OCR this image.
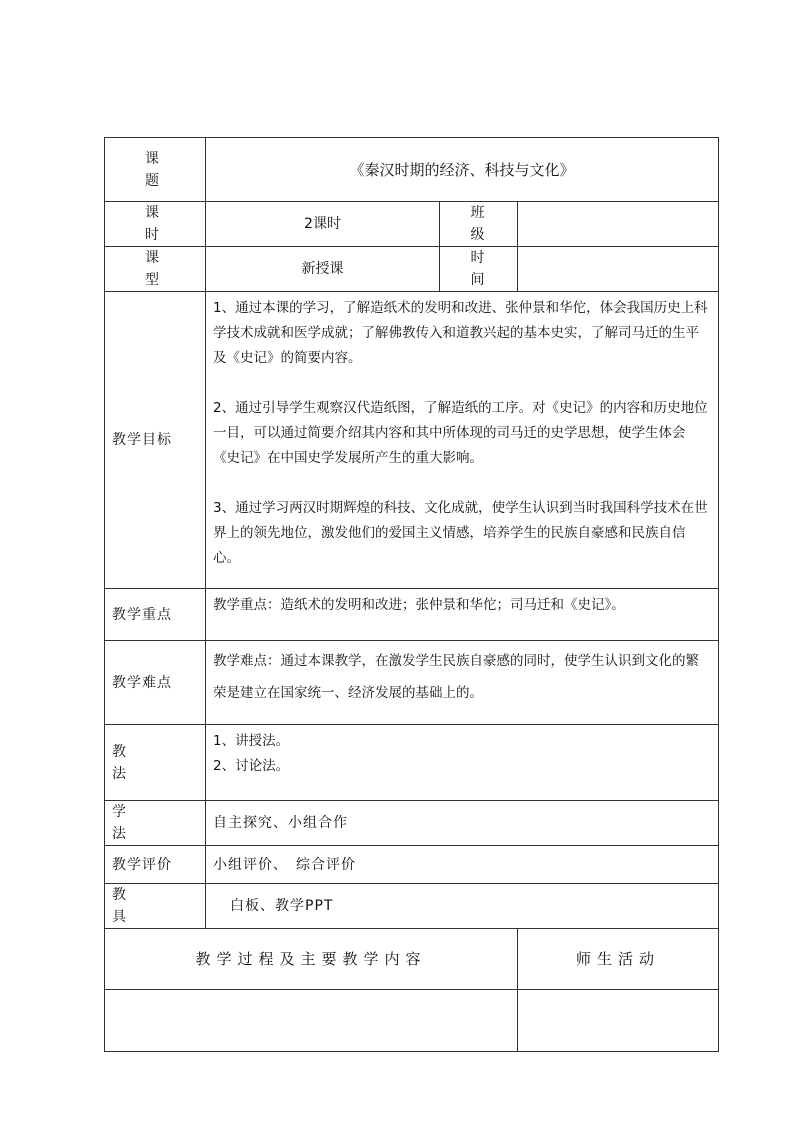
课 题	《秦汉时期的经济、科技与文化》		
课 时	2课时	班 级	
课 型	新授课	时 间	
教学目标	1、通过本课的学习，了解造纸术的发明和改进、张仲景和华佗，体会我国历史上科学技术成就和医学成就；了解佛教传入和道教兴起的基本史实，了解司马迁的生平及《史记》的简要内容。

2、通过引导学生观察汉代造纸图，了解造纸的工序。对《史记》的内容和历史地位一目，可以通过简要介绍其内容和其中所体现的司马迁的史学思想，使学生体会《史记》在中国史学发展所产生的重大影响。

3、通过学习两汉时期辉煌的科技、文化成就，使学生认识到当时我国科学技术在世界上的领先地位，激发他们的爱国主义情感，培养学生的民族自豪感和民族自信心。		

教学重点	教学重点：造纸术的发明和改进；张仲景和华佗；司马迁和《史记》。		
教学难点	教学难点：通过本课教学，在激发学生民族自豪感的同时，使学生认识到文化的繁荣是建立在国家统一、经济发展的基础上的。		
教 法	1、讲授法。

2、讨论法。		

学 法	自主探究、小组合作		
教学评价	小组评价、　综合评价		
教 具	白板、教学PPT		
教学过程及主要教学内容	师生活动
